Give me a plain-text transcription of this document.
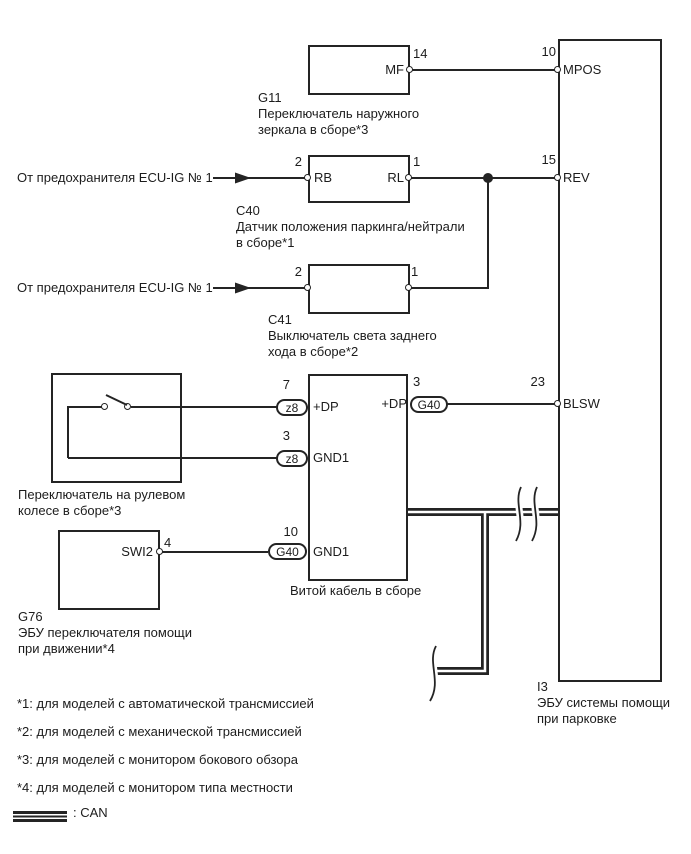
z8
z8
G40
G40
14	10
2	1	15
2	1
7
3
3	23
4
10
MF	MPOS
RB	RL	REV
+DP	+DP
GND1
BLSW
SWI2	GND1
От предохранителя ECU-IG № 1
От предохранителя ECU-IG № 1
G11
Переключатель наружного
зеркала в сборе*3
C40
Датчик положения паркинга/нейтрали
в сборе*1
C41
Выключатель света заднего
хода в сборе*2
Переключатель на рулевом
колесе в сборе*3
G76
ЭБУ переключателя помощи
при движении*4
Витой кабель в сборе
I3
ЭБУ системы помощи
при парковке
*1: для моделей с автоматической трансмиссией
*2: для моделей с механической трансмиссией
*3: для моделей с монитором бокового обзора
*4: для моделей с монитором типа местности
: CAN
